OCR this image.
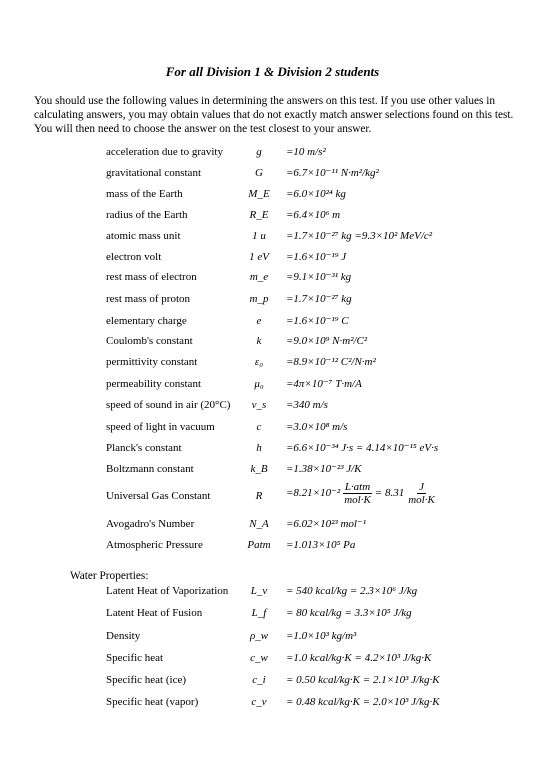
For all Division 1 & Division 2 students
You should use the following values in determining the answers on this test. If you use other values in calculating answers, you may obtain values that do not exactly match answer selections found on this test. You will then need to choose the answer on the test closest to your answer.
acceleration due to gravity	g	=10 m/s²
gravitational constant	G	=6.7×10⁻¹¹ N·m²/kg²
mass of the Earth	M_E	=6.0×10²⁴ kg
radius of the Earth	R_E	=6.4×10⁶ m
atomic mass unit	1 u	=1.7×10⁻²⁷ kg =9.3×10² MeV/c²
electron volt	1 eV	=1.6×10⁻¹⁹ J
rest mass of electron	m_e	=9.1×10⁻³¹ kg
rest mass of proton	m_p	=1.7×10⁻²⁷ kg
elementary charge	e	=1.6×10⁻¹⁹ C
Coulomb's constant	k	=9.0×10⁹ N·m²/C²
permittivity constant	ε₀	=8.9×10⁻¹² C²/N·m²
permeability constant	μ₀	=4π×10⁻⁷ T·m/A
speed of sound in air (20°C)	v_s	=340 m/s
speed of light in vacuum	c	=3.0×10⁸ m/s
Planck's constant	h	=6.6×10⁻³⁴ J·s = 4.14×10⁻¹⁵ eV·s
Boltzmann constant	k_B	=1.38×10⁻²³ J/K
Universal Gas Constant	R	$=8.21\times 10^{-2} \frac{\text{L·atm}}{\text{mol·K}} = 8.31 \frac{J}{\text{mol·K}}$
Avogadro's Number	N_A	=6.02×10²³ mol⁻¹
Atmospheric Pressure	Patm	=1.013×10⁵ Pa
Water Properties:
Latent Heat of Vaporization	L_v	= 540 kcal/kg = 2.3×10⁶ J/kg
Latent Heat of Fusion	L_f	= 80 kcal/kg = 3.3×10⁵ J/kg
Density	ρ_w	=1.0×10³ kg/m³
Specific heat	c_w	=1.0 kcal/kg·K = 4.2×10³ J/kg·K
Specific heat (ice)	c_i	= 0.50 kcal/kg·K = 2.1×10³ J/kg·K
Specific heat (vapor)	c_v	= 0.48 kcal/kg·K = 2.0×10³ J/kg·K
